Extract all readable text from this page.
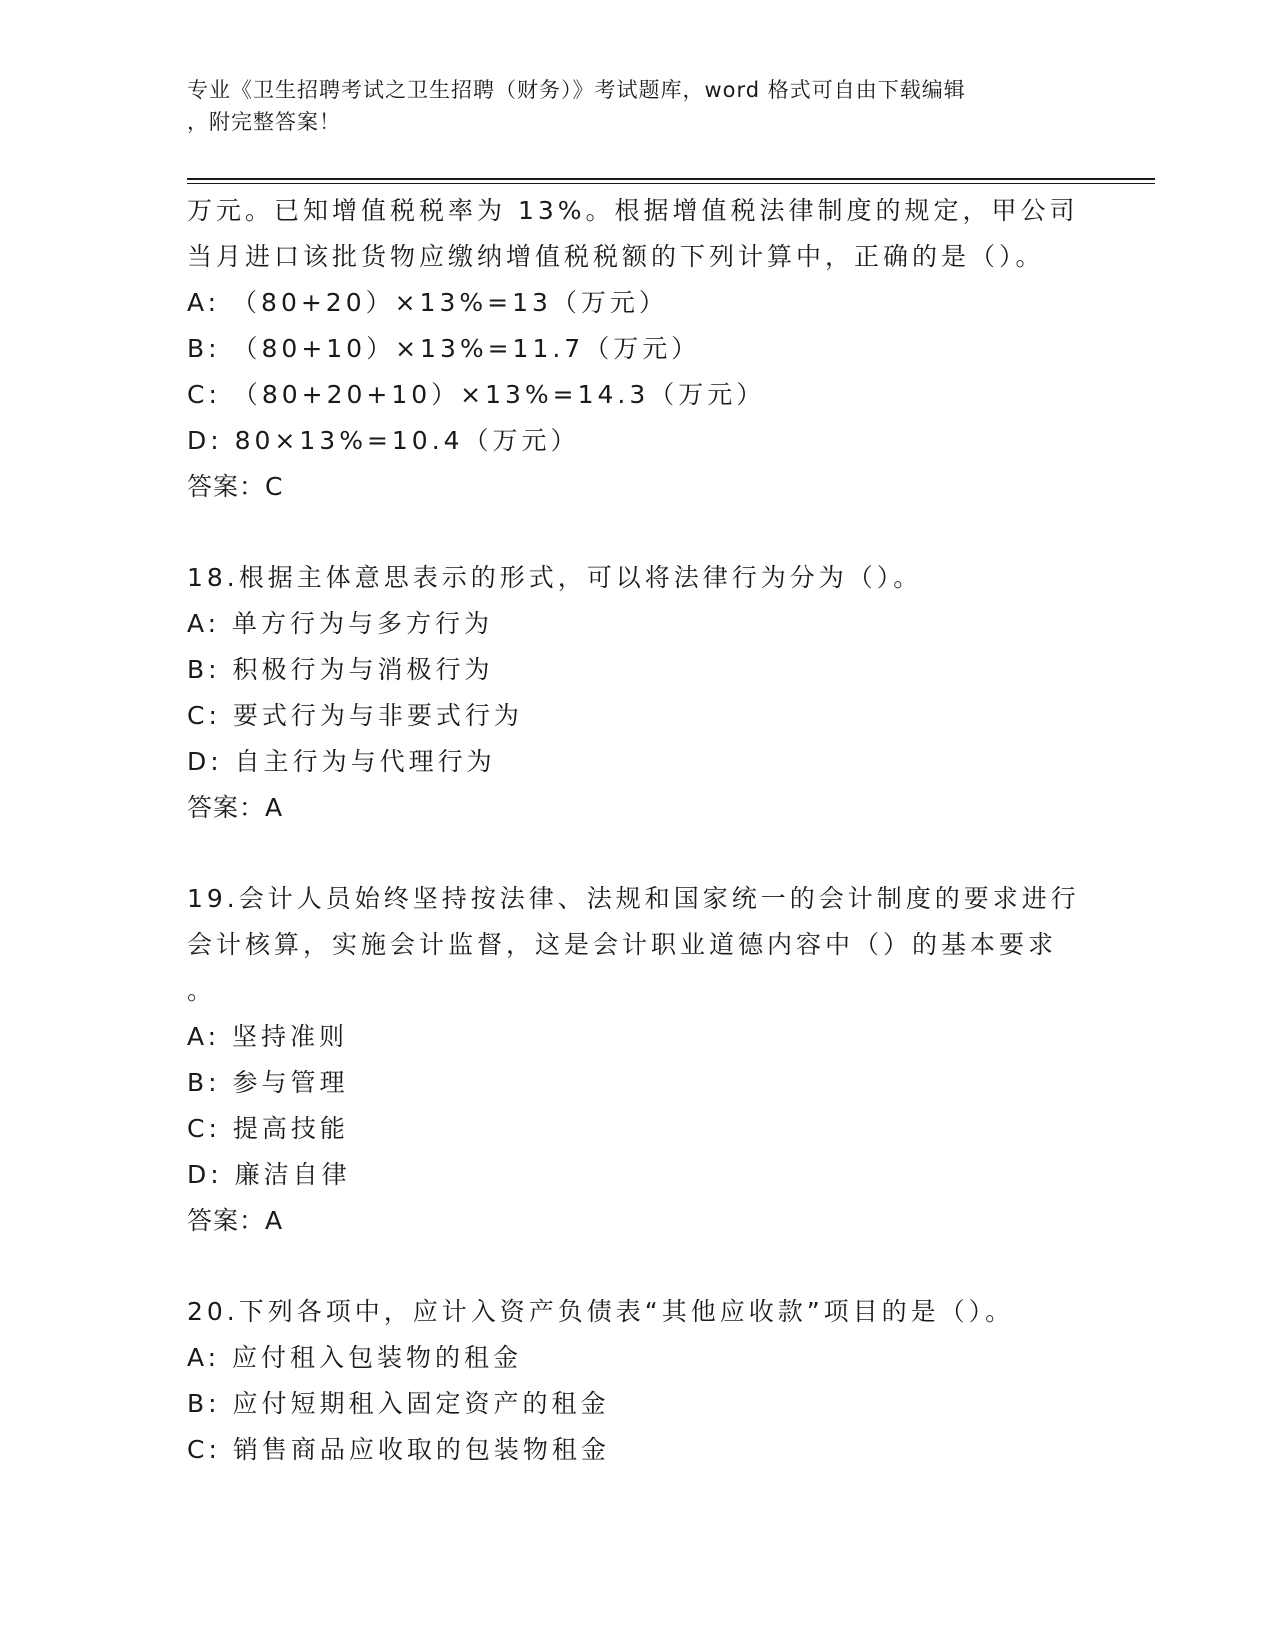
专业《卫生招聘考试之卫生招聘（财务）》考试题库，word 格式可自由下载编辑
，附完整答案！
万元。已知增值税税率为 13%。根据增值税法律制度的规定，甲公司
当月进口该批货物应缴纳增值税税额的下列计算中，正确的是（）。
A: （80+20）×13%=13（万元）
B: （80+10）×13%=11.7（万元）
C: （80+20+10）×13%=14.3（万元）
D: 80×13%=10.4（万元）
答案：C
18.根据主体意思表示的形式，可以将法律行为分为（）。
A: 单方行为与多方行为
B: 积极行为与消极行为
C: 要式行为与非要式行为
D: 自主行为与代理行为
答案：A
19.会计人员始终坚持按法律、法规和国家统一的会计制度的要求进行
会计核算，实施会计监督，这是会计职业道德内容中（）的基本要求
。
A: 坚持准则
B: 参与管理
C: 提高技能
D: 廉洁自律
答案：A
20.下列各项中，应计入资产负债表“其他应收款”项目的是（）。
A: 应付租入包装物的租金
B: 应付短期租入固定资产的租金
C: 销售商品应收取的包装物租金
